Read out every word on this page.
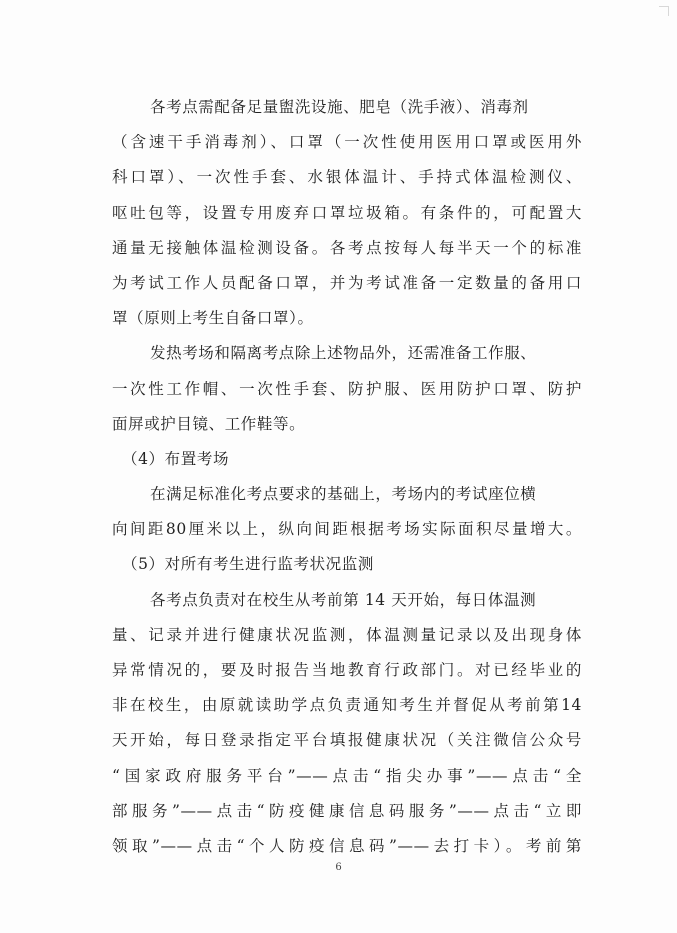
各考点需配备足量盥洗设施、肥皂（洗手液）、消毒剂
（含速干手消毒剂）、口罩（一次性使用医用口罩或医用外
科口罩）、一次性手套、水银体温计、手持式体温检测仪、
呕吐包等，设置专用废弃口罩垃圾箱。有条件的，可配置大
通量无接触体温检测设备。各考点按每人每半天一个的标准
为考试工作人员配备口罩，并为考试准备一定数量的备用口
罩（原则上考生自备口罩）。
发热考场和隔离考点除上述物品外，还需准备工作服、
一次性工作帽、一次性手套、防护服、医用防护口罩、防护
面屏或护目镜、工作鞋等。
（4）布置考场
在满足标准化考点要求的基础上，考场内的考试座位横
向间距80厘米以上，纵向间距根据考场实际面积尽量增大。
（5）对所有考生进行监考状况监测
各考点负责对在校生从考前第 14 天开始，每日体温测
量、记录并进行健康状况监测，体温测量记录以及出现身体
异常情况的，要及时报告当地教育行政部门。对已经毕业的
非在校生，由原就读助学点负责通知考生并督促从考前第14
天开始，每日登录指定平台填报健康状况（关注微信公众号
“国家政府服务平台”——点击“指尖办事”——点击“全
部服务”——点击“防疫健康信息码服务”——点击“立即
领取”——点击“个人防疫信息码”——去打卡）。考前第
6
